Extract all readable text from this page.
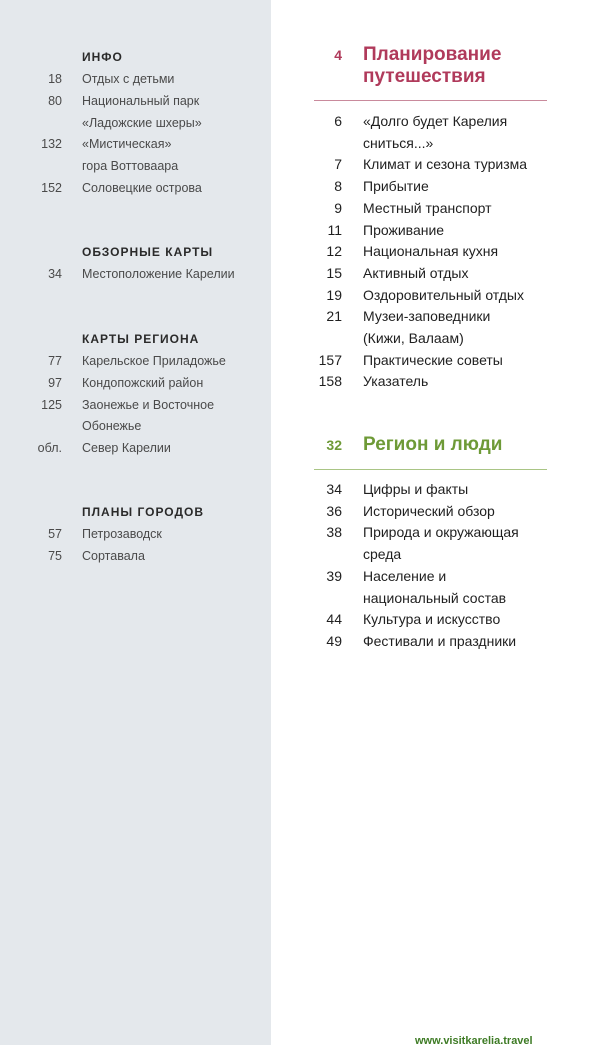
ИНФО
18 Отдых с детьми
80 Национальный парк
«Ладожские шхеры»
132 «Мистическая»
гора Воттоваара
152 Соловецкие острова
ОБЗОРНЫЕ КАРТЫ
34 Местоположение Карелии
КАРТЫ РЕГИОНА
77 Карельское Приладожье
97 Кондопожский район
125 Заонежье и Восточное
Обонежье
обл. Север Карелии
ПЛАНЫ ГОРОДОВ
57 Петрозаводск
75 Сортавала
4 Планирование
путешествия
6 «Долго будет Карелия
сниться...»
7 Климат и сезона туризма
8 Прибытие
9 Местный транспорт
11 Проживание
12 Национальная кухня
15 Активный отдых
19 Оздоровительный отдых
21 Музеи-заповедники
(Кижи, Валаам)
157 Практические советы
158 Указатель
32 Регион и люди
34 Цифры и факты
36 Исторический обзор
38 Природа и окружающая
среда
39 Население и
национальный состав
44 Культура и искусство
49 Фестивали и праздники
www.visitkarelia.travel
